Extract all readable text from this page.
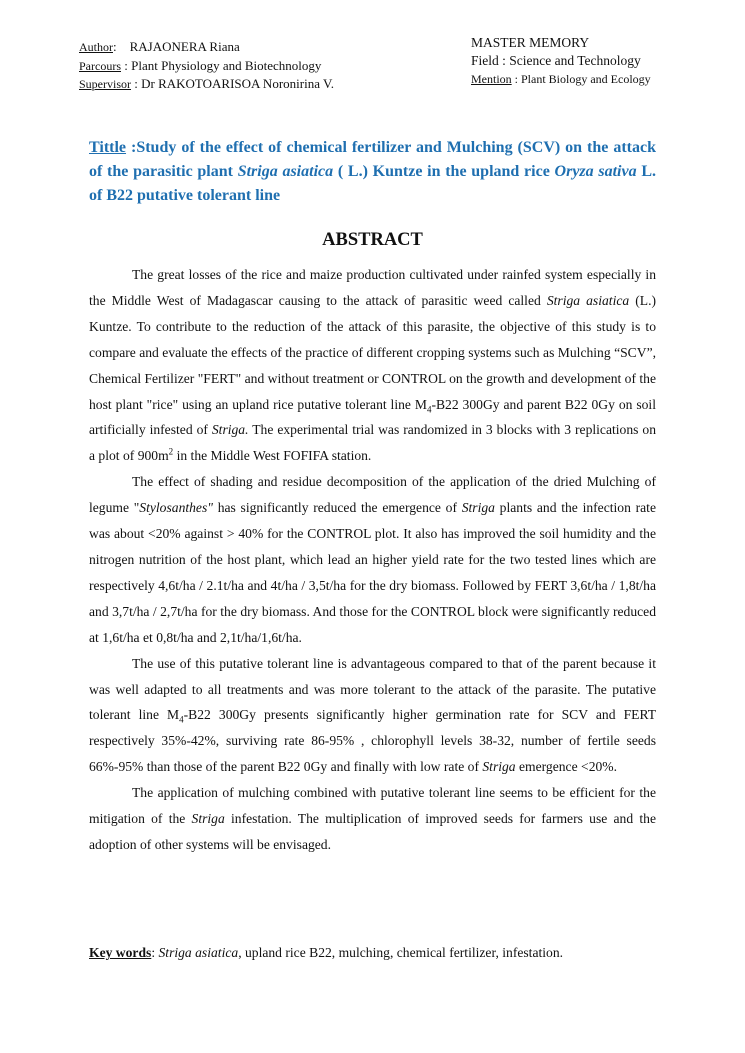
Author:    RAJAONERA Riana
Parcours : Plant Physiology and Biotechnology
Supervisor : Dr RAKOTOARISOA Noronirina V.
MASTER MEMORY
Field : Science and Technology
Mention : Plant Biology and Ecology
Tittle :Study of the effect of chemical fertilizer and Mulching (SCV) on the attack of the parasitic plant Striga asiatica ( L.) Kuntze in the upland rice Oryza sativa L. of B22 putative tolerant line
ABSTRACT

The great losses of the rice and maize production cultivated under rainfed system especially in the Middle West of Madagascar causing to the attack of parasitic weed called Striga asiatica (L.) Kuntze. To contribute to the reduction of the attack of this parasite, the objective of this study is to compare and evaluate the effects of the practice of different cropping systems such as Mulching “SCV”, Chemical Fertilizer "FERT" and without treatment or CONTROL on the growth and development of the host plant "rice" using an upland rice putative tolerant line $M_4-B22$ 300Gy and parent B22 0Gy on soil artificially infested of Striga. The experimental trial was randomized in 3 blocks with 3 replications on a plot of $900m^2$ in the Middle West FOFIFA station.

The effect of shading and residue decomposition of the application of the dried Mulching of legume "Stylosanthes" has significantly reduced the emergence of Striga plants and the infection rate was about <20% against > 40% for the CONTROL plot. It also has improved the soil humidity and the nitrogen nutrition of the host plant, which lead an higher yield rate for the two tested lines which are respectively 4,6t/ha / 2.1t/ha and 4t/ha / 3,5t/ha for the dry biomass. Followed by FERT 3,6t/ha / 1,8t/ha and 3,7t/ha / 2,7t/ha for the dry biomass. And those for the CONTROL block were significantly reduced at 1,6t/ha et 0,8t/ha and 2,1t/ha/1,6t/ha.

The use of this putative tolerant line is advantageous compared to that of the parent because it was well adapted to all treatments and was more tolerant to the attack of the parasite. The putative tolerant line $M_4-B22$ 300Gy presents significantly higher germination rate for SCV and FERT respectively 35%-42%, surviving rate 86-95% , chlorophyll levels 38-32, number of fertile seeds 66%-95% than those of the parent B22 0Gy and finally with low rate of Striga emergence <20%.

The application of mulching combined with putative tolerant line seems to be efficient for the mitigation of the Striga infestation. The multiplication of improved seeds for farmers use and the adoption of other systems will be envisaged.

Key words: Striga asiatica, upland rice B22, mulching, chemical fertilizer, infestation.
